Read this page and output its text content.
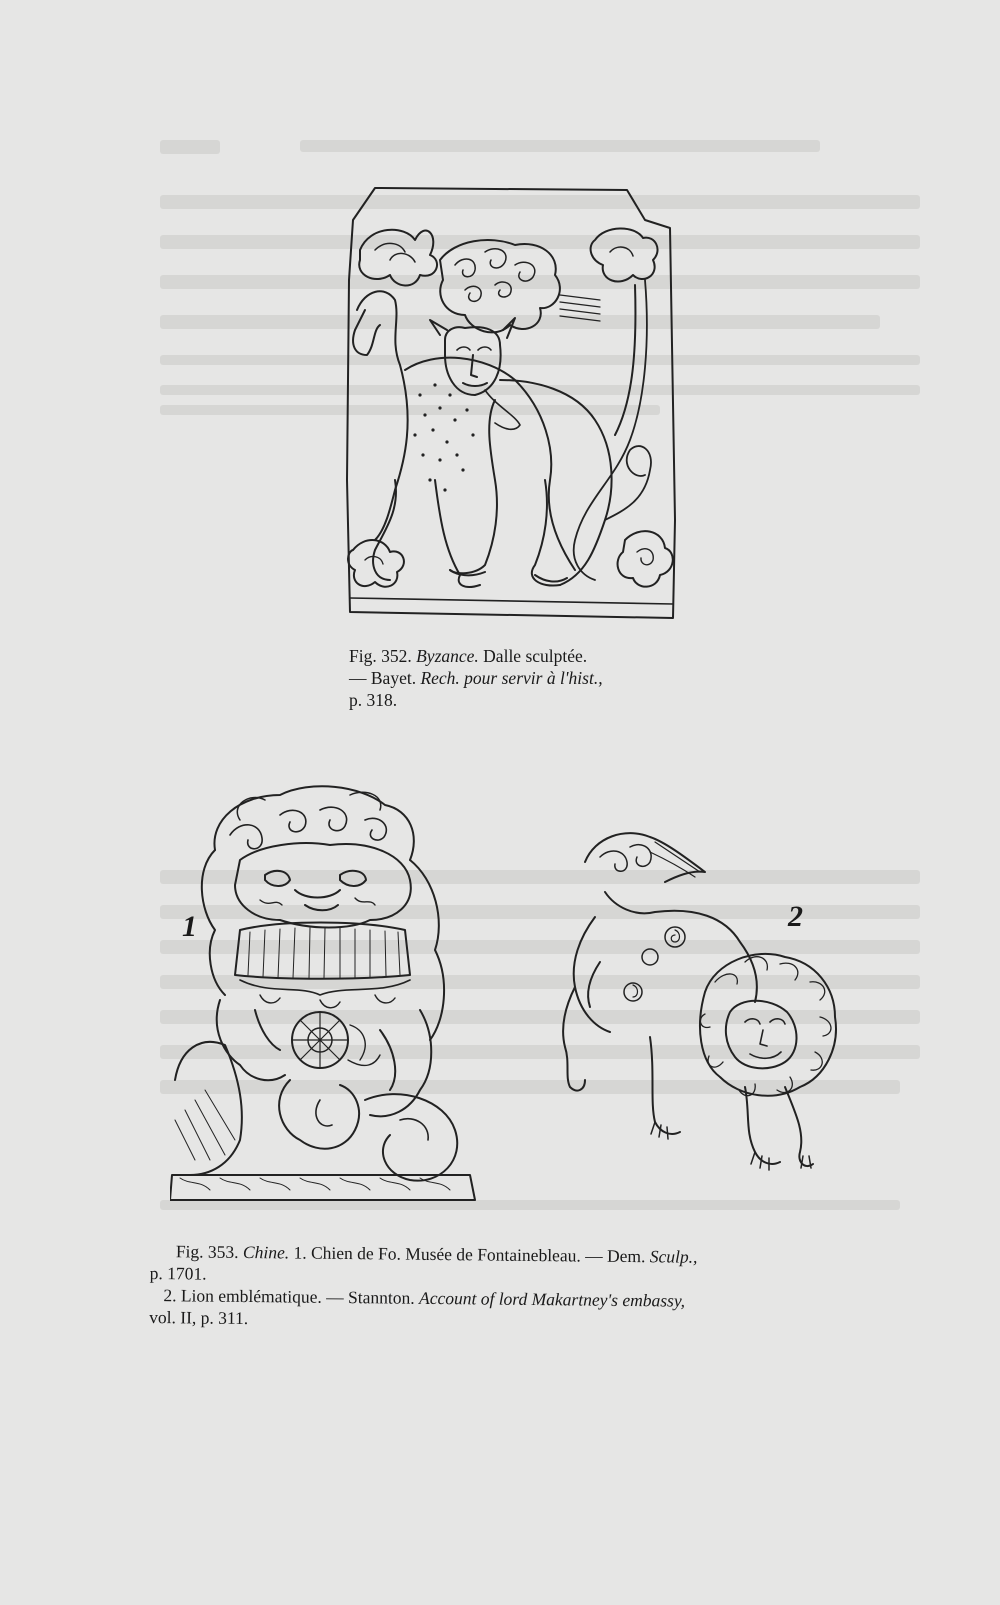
Fig. 352. Byzance. Dalle sculptée.
— Bayet. Rech. pour servir à l'hist.,
p. 318.
1	2
Fig. 353. Chine. 1. Chien de Fo. Musée de Fontainebleau. — Dem. Sculp.,
p. 1701.
2. Lion emblématique. — Stannton. Account of lord Makartney's embassy,
vol. II, p. 311.
